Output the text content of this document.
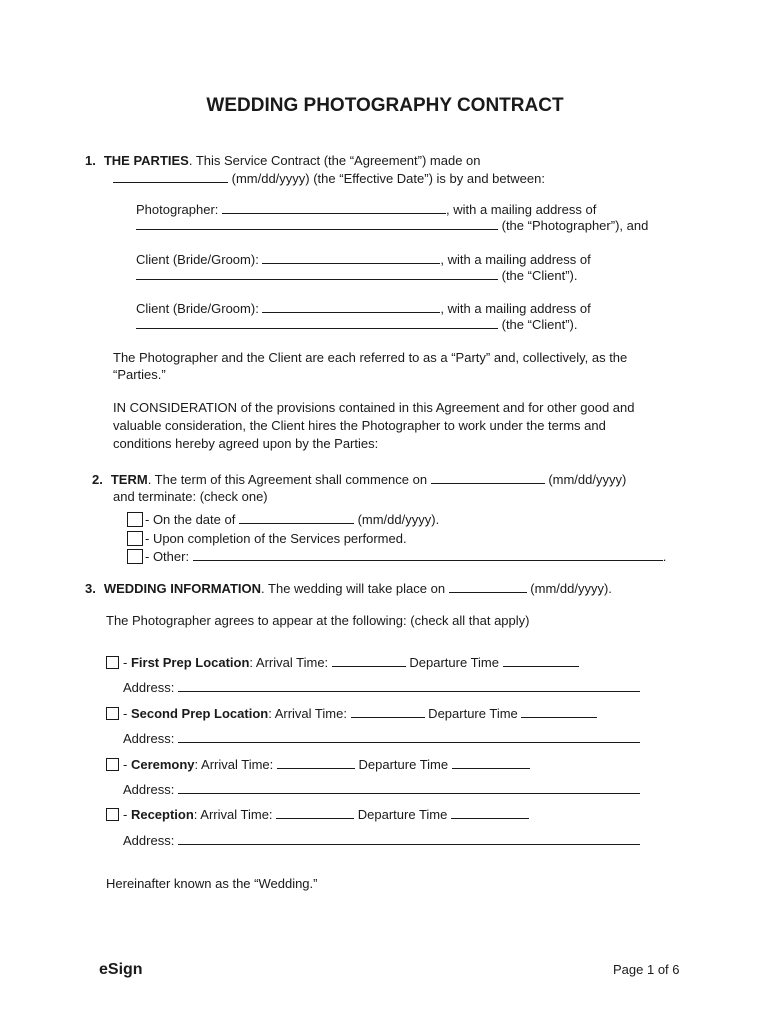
WEDDING PHOTOGRAPHY CONTRACT
1. THE PARTIES. This Service Contract (the “Agreement”) made on
(mm/dd/yyyy) (the “Effective Date”) is by and between:
Photographer:	, with a mailing address of
(the “Photographer”), and
Client (Bride/Groom):	, with a mailing address of
(the “Client”).
Client (Bride/Groom):	, with a mailing address of
(the “Client”).
The Photographer and the Client are each referred to as a “Party” and, collectively, as the
“Parties.”
IN CONSIDERATION of the provisions contained in this Agreement and for other good and
valuable consideration, the Client hires the Photographer to work under the terms and
conditions hereby agreed upon by the Parties:
2. TERM. The term of this Agreement shall commence on	(mm/dd/yyyy)
and terminate: (check one)
- On the date of	(mm/dd/yyyy).
- Upon completion of the Services performed.
- Other:	.
3. WEDDING INFORMATION. The wedding will take place on	(mm/dd/yyyy).
The Photographer agrees to appear at the following: (check all that apply)
- First Prep Location: Arrival Time:	Departure Time
Address:
- Second Prep Location: Arrival Time:	Departure Time
Address:
- Ceremony: Arrival Time:	Departure Time
Address:
- Reception: Arrival Time:	Departure Time
Address:
Hereinafter known as the “Wedding.”
eSign	Page 1 of 6
